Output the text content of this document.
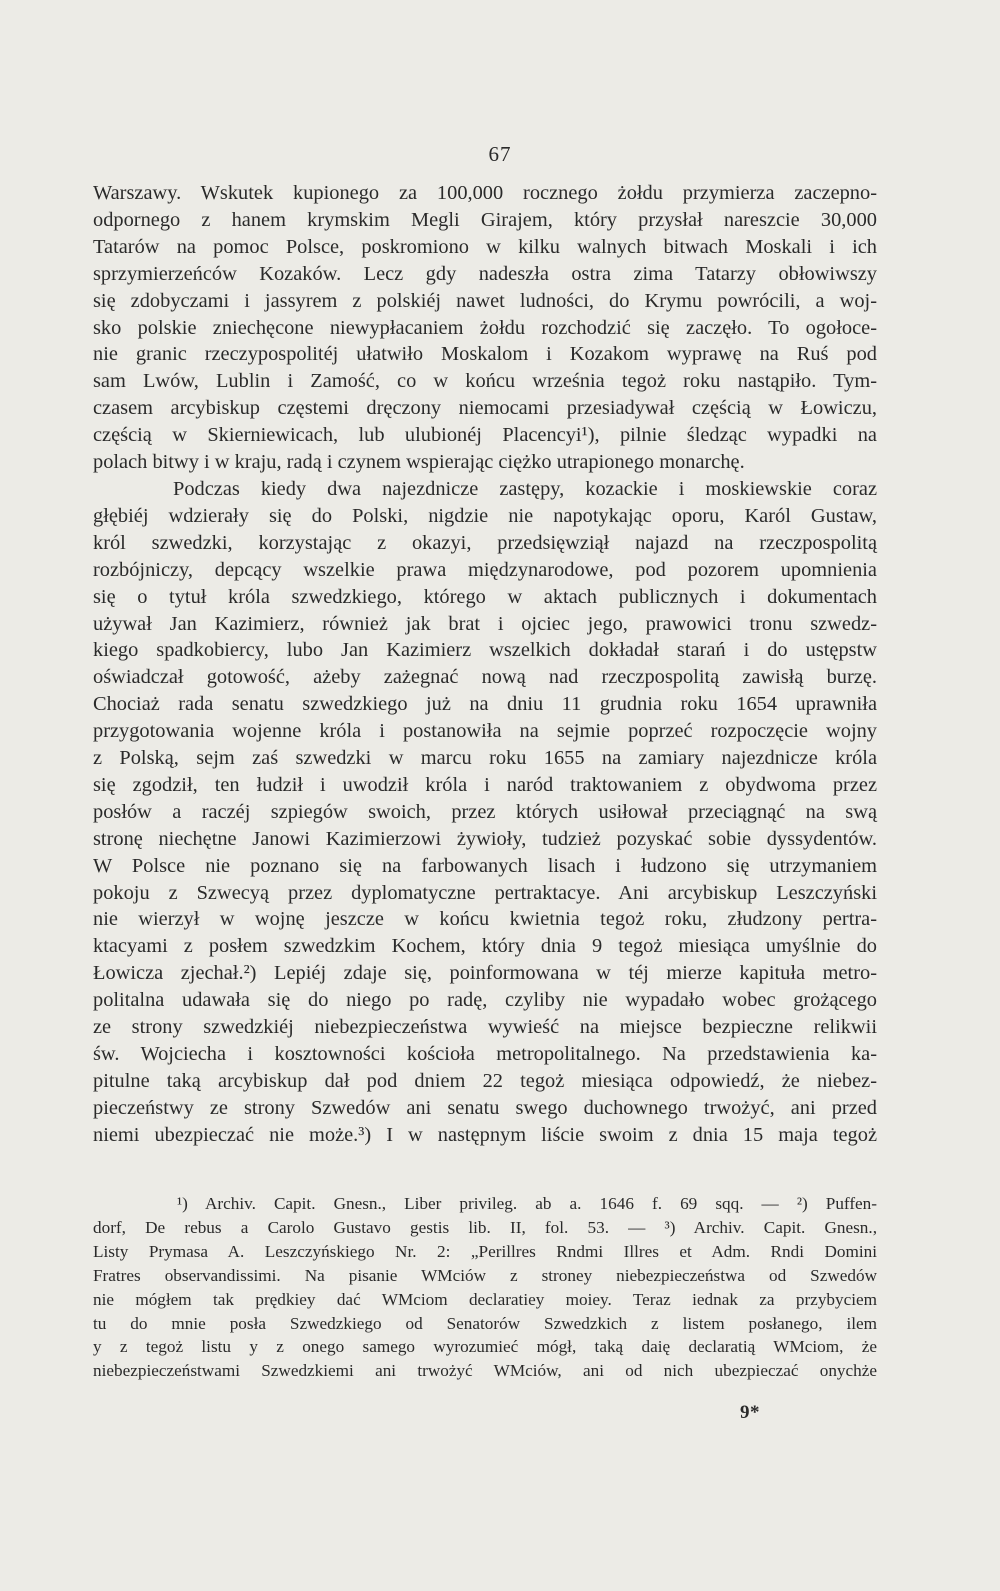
67
Warszawy. Wskutek kupionego za 100,000 rocznego żołdu przymierza zaczepno-
odpornego z hanem krymskim Megli Girajem, który przysłał nareszcie 30,000
Tatarów na pomoc Polsce, poskromiono w kilku walnych bitwach Moskali i ich
sprzymierzeńców Kozaków. Lecz gdy nadeszła ostra zima Tatarzy obłowiwszy
się zdobyczami i jassyrem z polskiéj nawet ludności, do Krymu powrócili, a woj-
sko polskie zniechęcone niewypłacaniem żołdu rozchodzić się zaczęło. To ogołoce-
nie granic rzeczypospolitéj ułatwiło Moskalom i Kozakom wyprawę na Ruś pod
sam Lwów, Lublin i Zamość, co w końcu września tegoż roku nastąpiło. Tym-
czasem arcybiskup częstemi dręczony niemocami przesiadywał częścią w Łowiczu,
częścią w Skierniewicach, lub ulubionéj Placencyi¹), pilnie śledząc wypadki na
polach bitwy i w kraju, radą i czynem wspierając ciężko utrapionego monarchę.
Podczas kiedy dwa najezdnicze zastępy, kozackie i moskiewskie coraz
głębiéj wdzierały się do Polski, nigdzie nie napotykając oporu, Karól Gustaw,
król szwedzki, korzystając z okazyi, przedsięwziął najazd na rzeczpospolitą
rozbójniczy, depcący wszelkie prawa międzynarodowe, pod pozorem upomnienia
się o tytuł króla szwedzkiego, którego w aktach publicznych i dokumentach
używał Jan Kazimierz, również jak brat i ojciec jego, prawowici tronu szwedz-
kiego spadkobiercy, lubo Jan Kazimierz wszelkich dokładał starań i do ustępstw
oświadczał gotowość, ażeby zażegnać nową nad rzeczpospolitą zawisłą burzę.
Chociaż rada senatu szwedzkiego już na dniu 11 grudnia roku 1654 uprawniła
przygotowania wojenne króla i postanowiła na sejmie poprzeć rozpoczęcie wojny
z Polską, sejm zaś szwedzki w marcu roku 1655 na zamiary najezdnicze króla
się zgodził, ten łudził i uwodził króla i naród traktowaniem z obydwoma przez
posłów a raczéj szpiegów swoich, przez których usiłował przeciągnąć na swą
stronę niechętne Janowi Kazimierzowi żywioły, tudzież pozyskać sobie dyssydentów.
W Polsce nie poznano się na farbowanych lisach i łudzono się utrzymaniem
pokoju z Szwecyą przez dyplomatyczne pertraktacye. Ani arcybiskup Leszczyński
nie wierzył w wojnę jeszcze w końcu kwietnia tegoż roku, złudzony pertra-
ktacyami z posłem szwedzkim Kochem, który dnia 9 tegoż miesiąca umyślnie do
Łowicza zjechał.²) Lepiéj zdaje się, poinformowana w téj mierze kapituła metro-
politalna udawała się do niego po radę, czyliby nie wypadało wobec grożącego
ze strony szwedzkiéj niebezpieczeństwa wywieść na miejsce bezpieczne relikwii
św. Wojciecha i kosztowności kościoła metropolitalnego. Na przedstawienia ka-
pitulne taką arcybiskup dał pod dniem 22 tegoż miesiąca odpowiedź, że niebez-
pieczeństwy ze strony Szwedów ani senatu swego duchownego trwożyć, ani przed
niemi ubezpieczać nie może.³) I w następnym liście swoim z dnia 15 maja tegoż
¹) Archiv. Capit. Gnesn., Liber privileg. ab a. 1646 f. 69 sqq. — ²) Puffen-
dorf, De rebus a Carolo Gustavo gestis lib. II, fol. 53. — ³) Archiv. Capit. Gnesn.,
Listy Prymasa A. Leszczyńskiego Nr. 2: „Perillres Rndmi Illres et Adm. Rndi Domini
Fratres observandissimi. Na pisanie WMciów z stroney niebezpieczeństwa od Szwedów
nie mógłem tak prędkiey dać WMciom declaratiey moiey. Teraz iednak za przybyciem
tu do mnie posła Szwedzkiego od Senatorów Szwedzkich z listem posłanego, ilem
y z tegoż listu y z onego samego wyrozumieć mógł, taką daię declaratią WMciom, że
niebezpieczeństwami Szwedzkiemi ani trwożyć WMciów, ani od nich ubezpieczać onychże
9*
